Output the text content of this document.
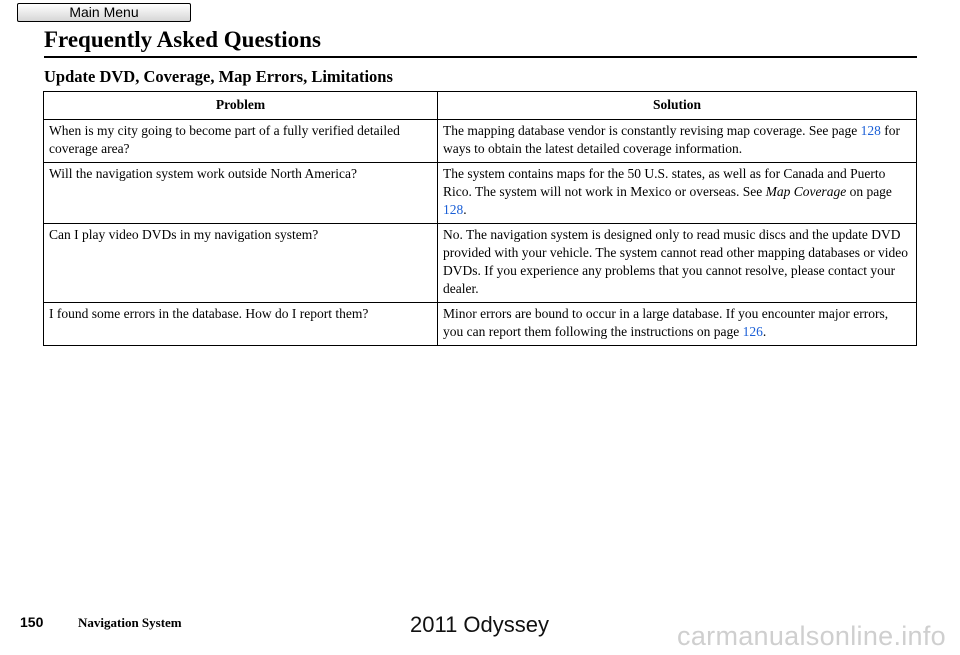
Main Menu
Frequently Asked Questions
Update DVD, Coverage, Map Errors, Limitations
Problem	Solution
When is my city going to become part of a fully verified detailed coverage area?	The mapping database vendor is constantly revising map coverage. See page 128 for ways to obtain the latest detailed coverage information.
Will the navigation system work outside North America?	The system contains maps for the 50 U.S. states, as well as for Canada and Puerto Rico. The system will not work in Mexico or overseas. See Map Coverage on page 128.
Can I play video DVDs in my navigation system?	No. The navigation system is designed only to read music discs and the update DVD provided with your vehicle. The system cannot read other mapping databases or video DVDs. If you experience any problems that you cannot resolve, please contact your dealer.
I found some errors in the database. How do I report them?	Minor errors are bound to occur in a large database. If you encounter major errors, you can report them following the instructions on page 126.
150	Navigation System	2011 Odyssey	carmanualsonline.info
